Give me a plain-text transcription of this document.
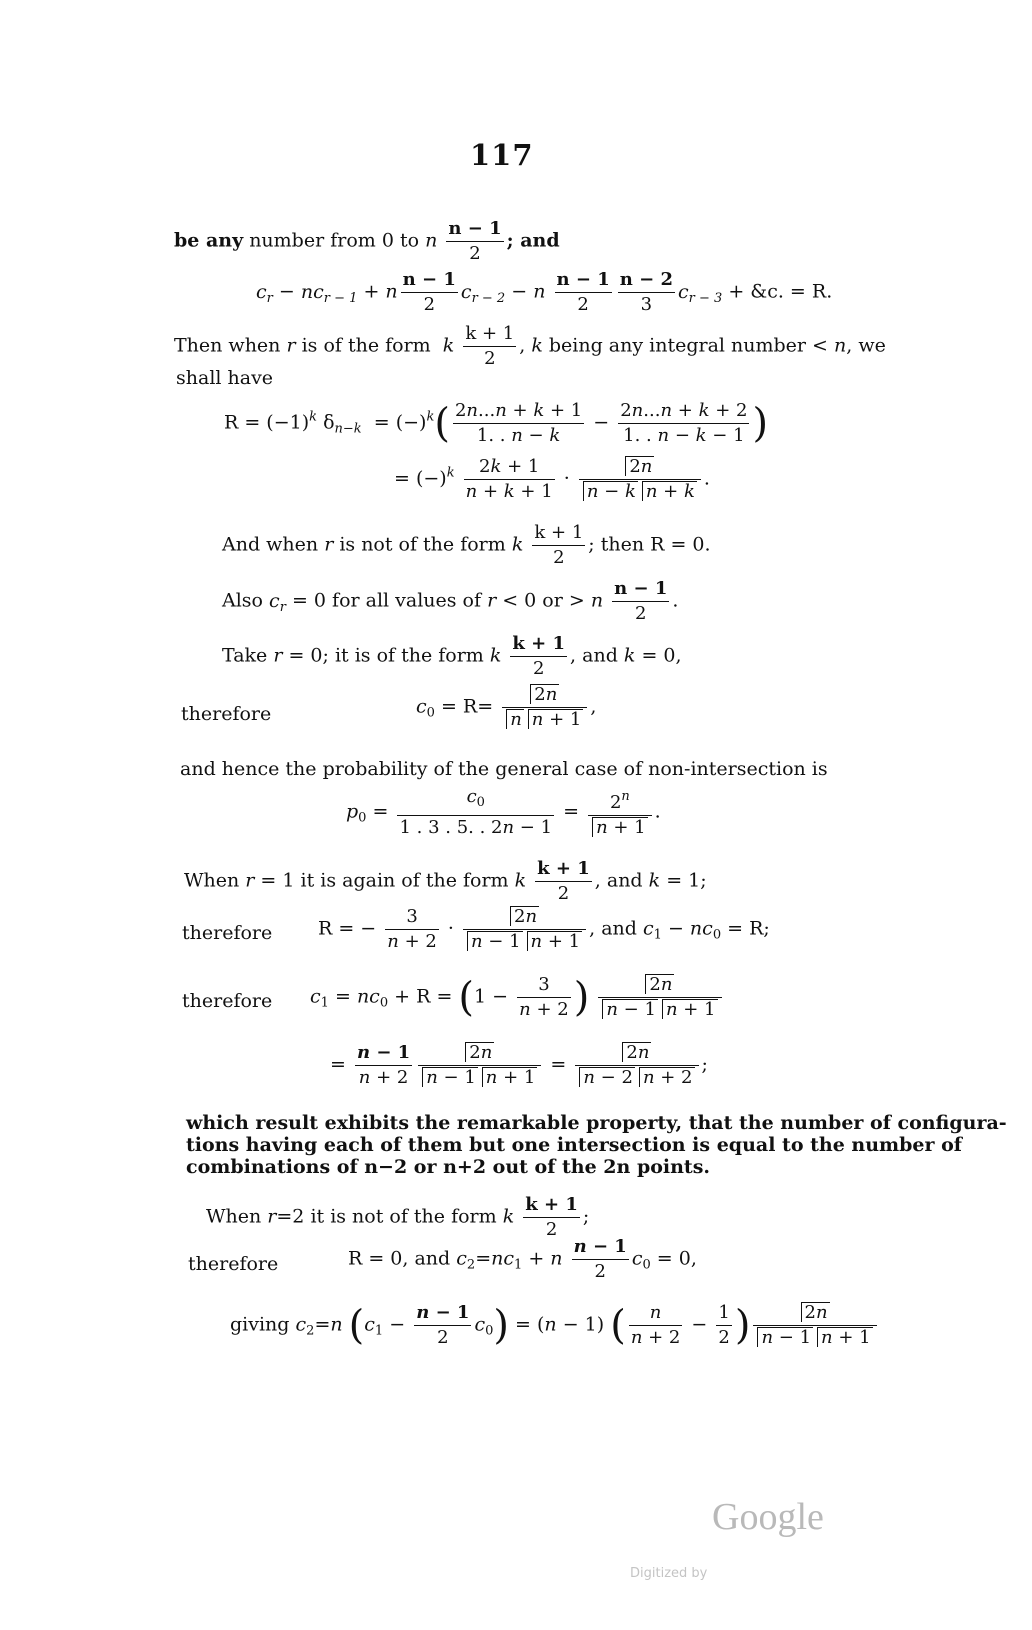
117
be any number from 0 to n $\frac{n - 1}{2}$ ; and
$c_r - nc_{r - 1} + n \frac{n - 1}{2} c_{r - 2} - n \frac{n - 1}{2} \frac{n - 2}{3} c_{r - 3}$ + &c. = R.
Then when r is of the form  k $\frac{k + 1}{2}$ , k being any integral number < n, we
shall have
$R = (-1)^k$ $\delta_{n-k} = (-)^k( \frac{2n...n + k + 1}{1. . n - k} - \frac{2n...n + k + 2}{1. . n - k - 1}$ )
= $(-)^k \frac{2k + 1}{n + k + 1} \cdot \frac{2n}{\text{n − k n + k}}$ .
And when r is not of the form k $\frac{k + 1}{2}$ ; then R = 0.
Also $c_r = 0$ for all values of r < 0 or > n $\frac{n - 1}{2}$ .
Take r = 0; it is of the form k $\frac{k + 1}{2}$ , and k = 0,
therefore	$c_0 = R= \frac{2n}{\text{n n + 1}}$ ,
and hence the probability of the general case of non-intersection is
$p_0 = \frac{c_0}{1 . 3 . 5. . 2n - 1} = \frac{2^n}{n + 1}$ .
When r = 1 it is again of the form k $\frac{k + 1}{2}$ , and k = 1;
therefore R = − $\frac{3}{n + 2} \cdot \frac{2n}{n - 1 n + 1}$ , and $c_1 - nc_0 = R$;
therefore $c_1 = nc_0 + R = (1 - \frac{3}{n + 2}$ ) $\frac{2n}{n - 1 n + 1}$
= $\frac{n - 1}{n + 2} \frac{2n}{n - 1 n + 1} = \frac{2n}{n - 2 n + 2}$ ;
which result exhibits the remarkable property, that the number of configura-
tions having each of them but one intersection is equal to the number of
combinations of n−2 or n+2 out of the 2n points.
When r=2 it is not of the form k $\frac{k + 1}{2}$ ;
therefore	R = 0, and $c_2=nc_1 + n \frac{n - 1}{2} c_0 = 0$,
giving $c_2=n$ $(c_1 - \frac{n - 1}{2} c_0) = (n - 1)$ ( $\frac{n}{n + 2} - \frac{1}{2}$ ) $\frac{2n}{n - 1 n + 1}$
Digitized by
Google
